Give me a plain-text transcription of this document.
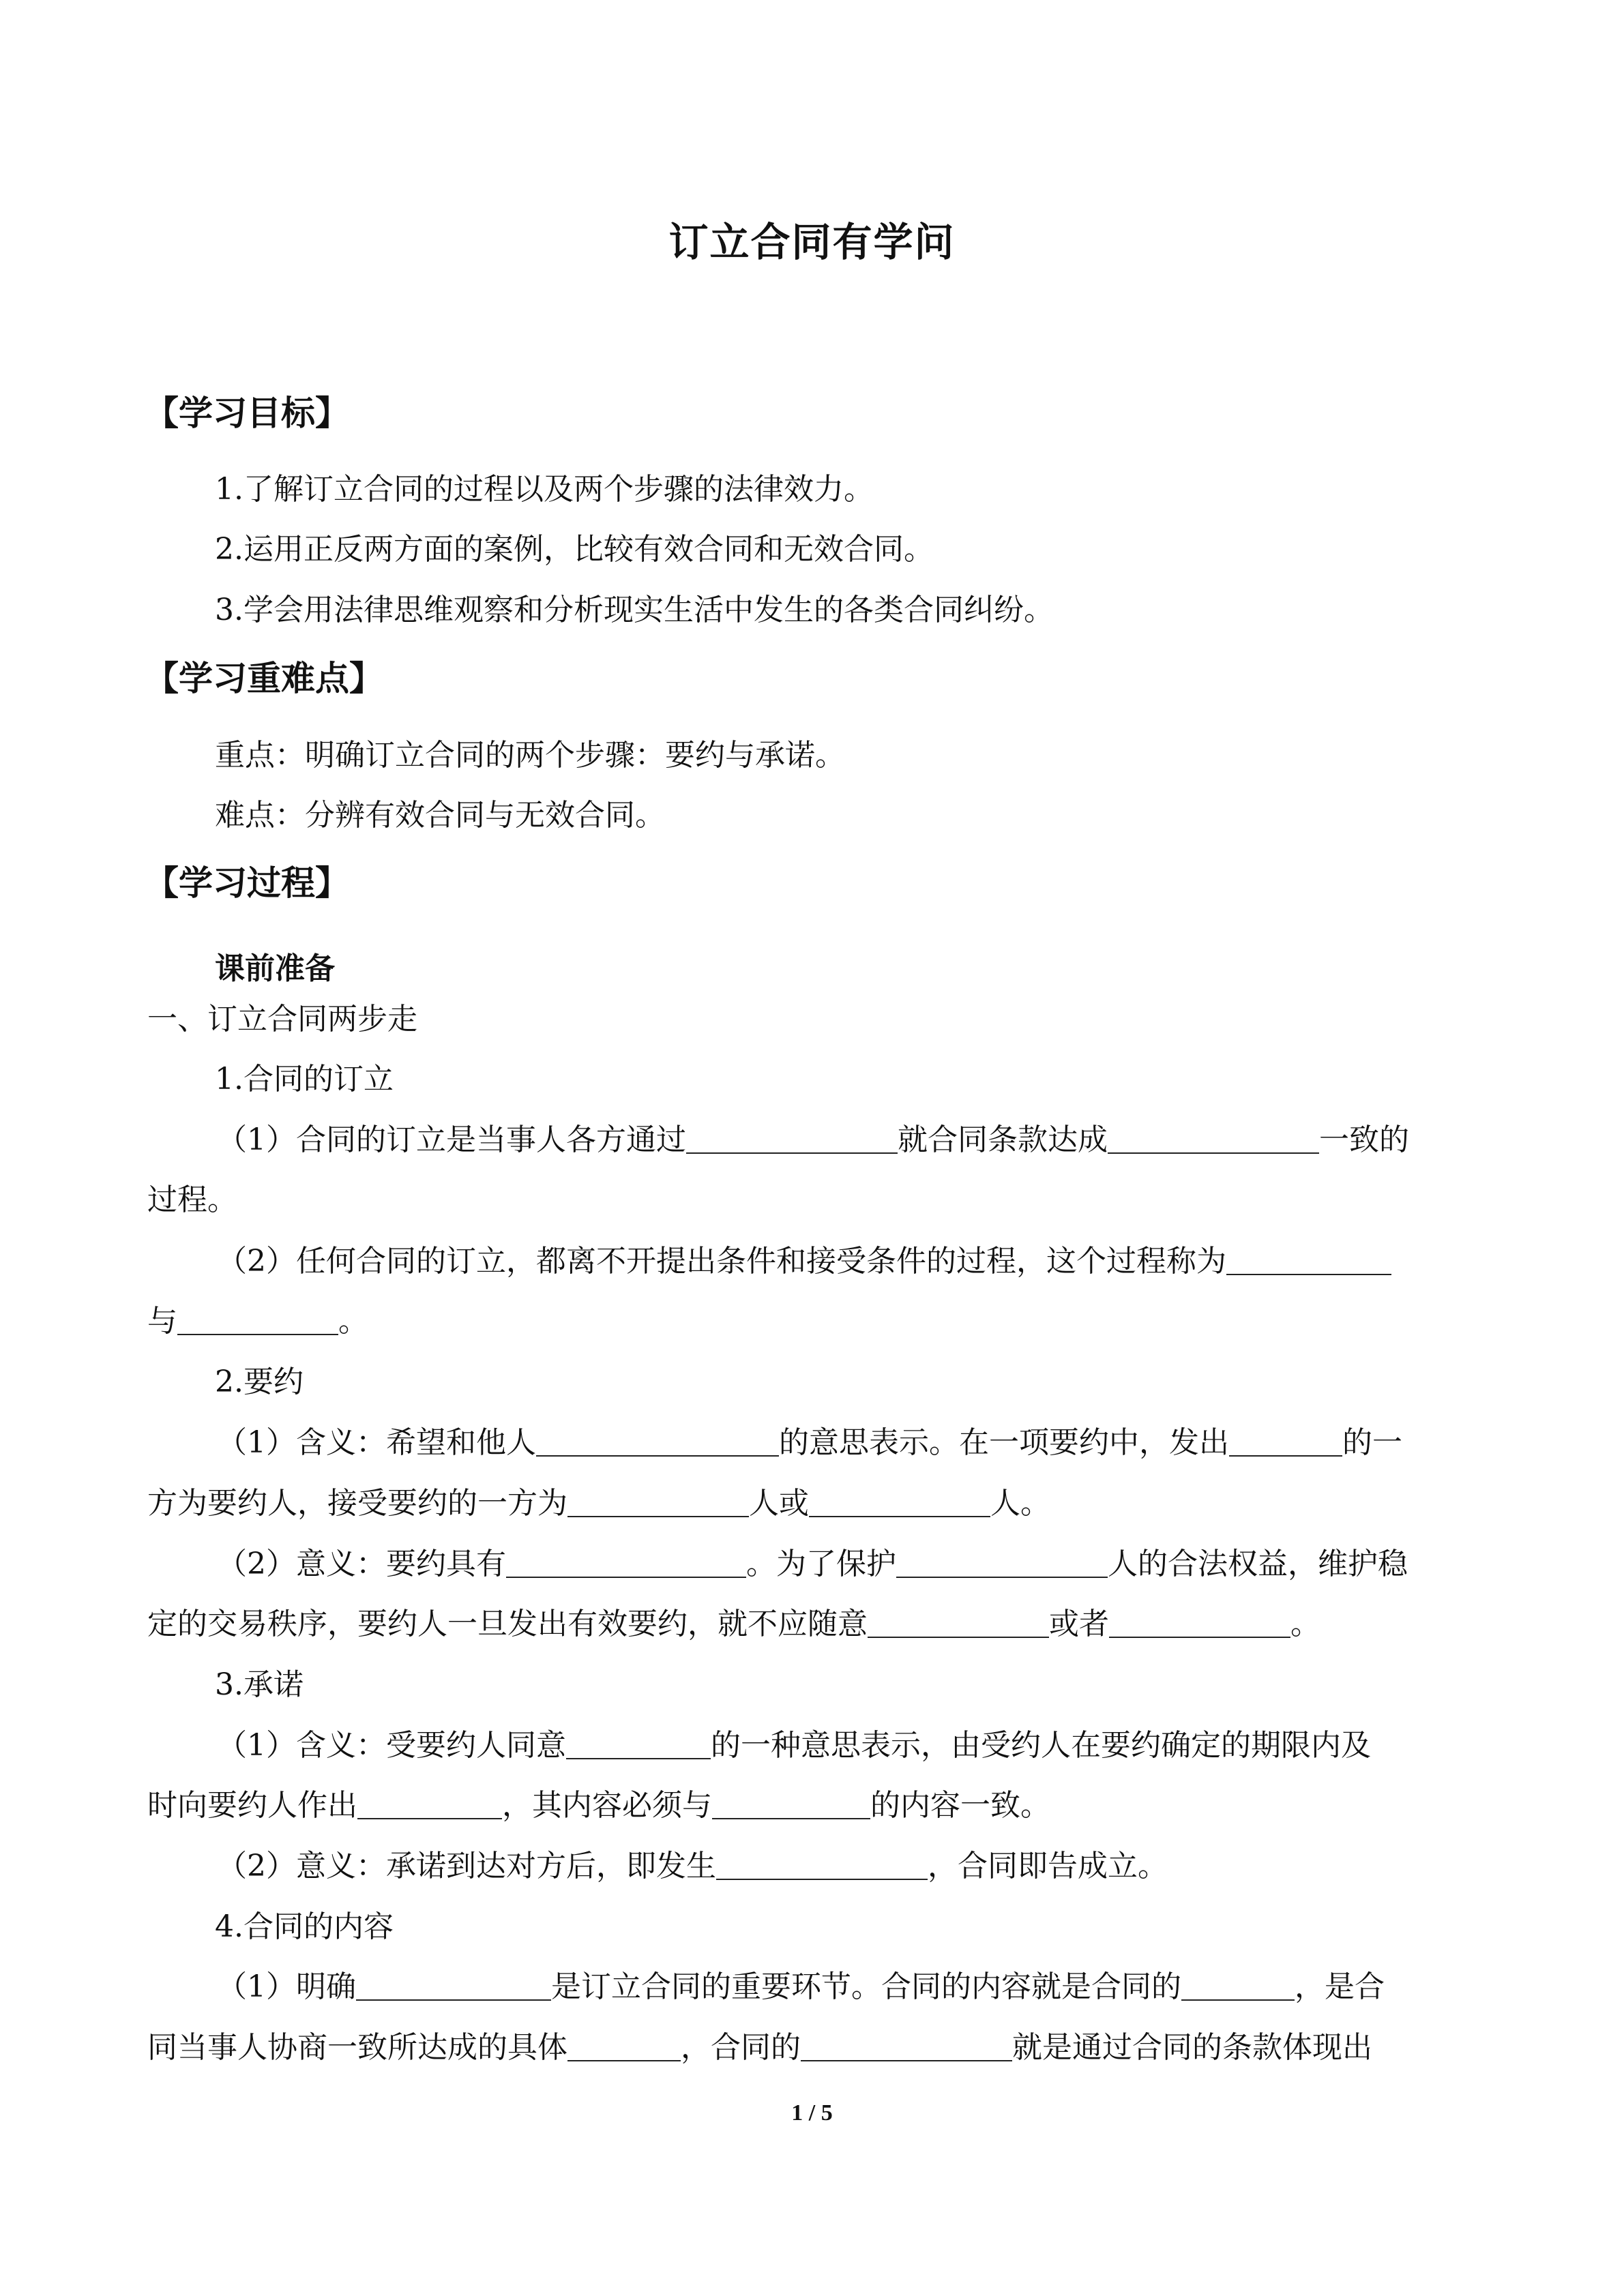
订立合同有学问
【学习目标】
1.了解订立合同的过程以及两个步骤的法律效力。
2.运用正反两方面的案例，比较有效合同和无效合同。
3.学会用法律思维观察和分析现实生活中发生的各类合同纠纷。
【学习重难点】
重点：明确订立合同的两个步骤：要约与承诺。
难点：分辨有效合同与无效合同。
【学习过程】
课前准备
一、订立合同两步走
1.合同的订立
（1）合同的订立是当事人各方通过	就合同条款达成	一致的
过程。
（2）任何合同的订立，都离不开提出条件和接受条件的过程，这个过程称为
与	。
2.要约
（1）含义：希望和他人	的意思表示。在一项要约中，发出	的一
方为要约人，接受要约的一方为	人或	人。
（2）意义：要约具有	。为了保护	人的合法权益，维护稳
定的交易秩序，要约人一旦发出有效要约，就不应随意	或者	。
3.承诺
（1）含义：受要约人同意	的一种意思表示，由受约人在要约确定的期限内及
时向要约人作出	，其内容必须与	的内容一致。
（2）意义：承诺到达对方后，即发生	，合同即告成立。
4.合同的内容
（1）明确	是订立合同的重要环节。合同的内容就是合同的	，是合
同当事人协商一致所达成的具体	，合同的	就是通过合同的条款体现出
1 / 5
